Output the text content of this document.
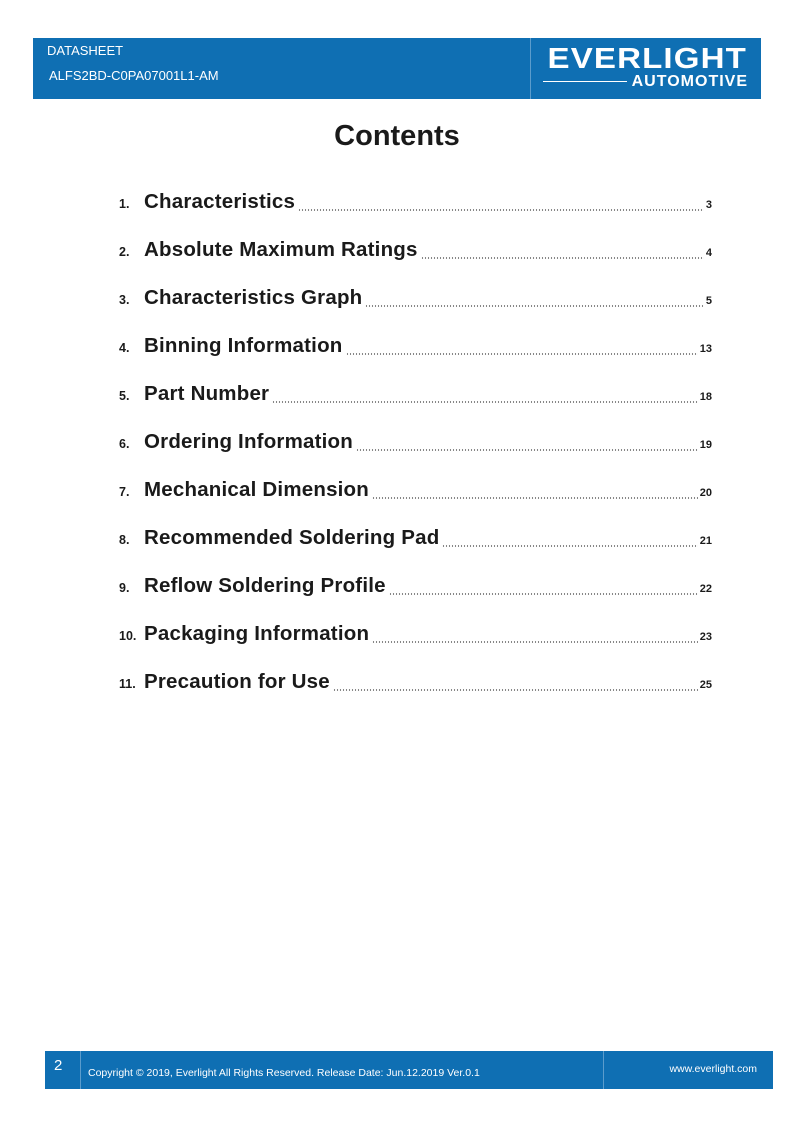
DATASHEET
ALFS2BD-C0PA07001L1-AM
EVERLIGHT
AUTOMOTIVE
Contents
1. Characteristics	3
2. Absolute Maximum Ratings	4
3. Characteristics Graph	5
4. Binning Information	13
5. Part Number	18
6. Ordering Information	19
7. Mechanical Dimension	20
8. Recommended Soldering Pad	21
9. Reflow Soldering Profile	22
10. Packaging Information	23
11. Precaution for Use	25
2 Copyright © 2019, Everlight All Rights Reserved. Release Date: Jun.12.2019 Ver.0.1	www.everlight.com
